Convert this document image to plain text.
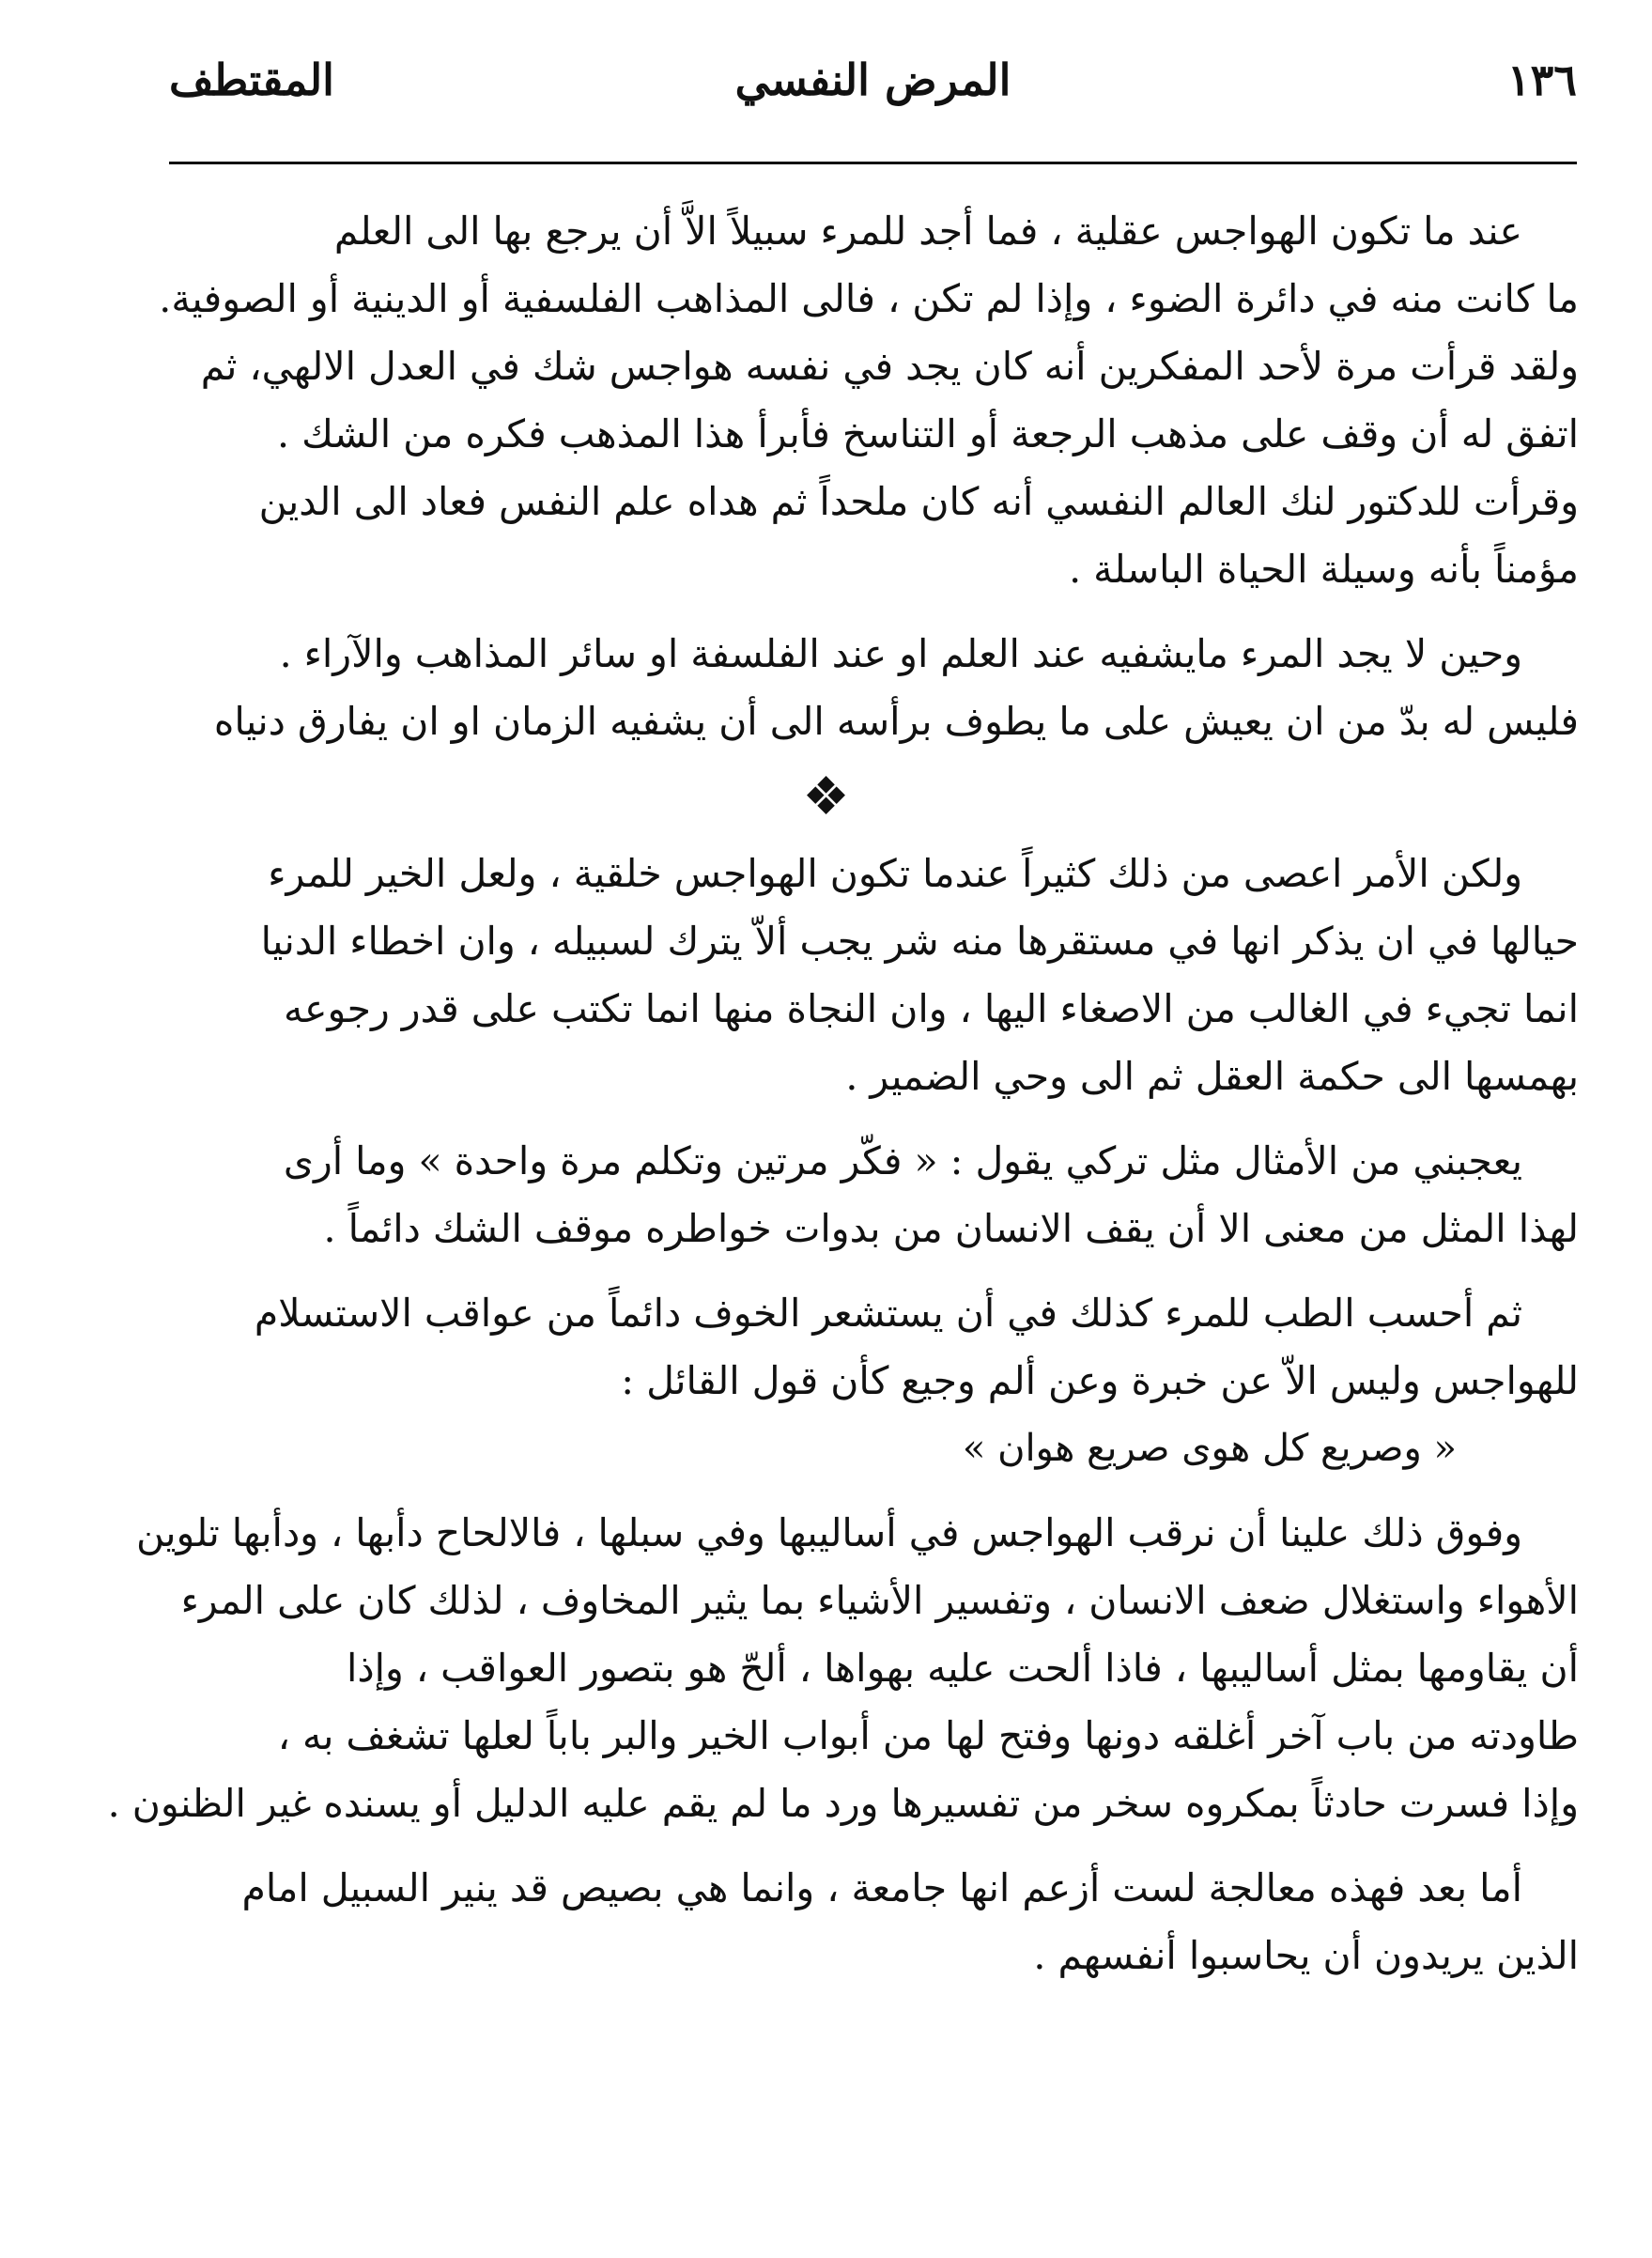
١٣٦
المرض النفسي
المقتطف
عند ما تكون الهواجس عقلية ، فما أجد للمرء سبيلاً الاَّ أن يرجع بها الى العلم
ما كانت منه في دائرة الضوء ، وإذا لم تكن ، فالى المذاهب الفلسفية أو الدينية أو الصوفية.
ولقد قرأت مرة لأحد المفكرين أنه كان يجد في نفسه هواجس شك في العدل الالهي، ثم
اتفق له أن وقف على مذهب الرجعة أو التناسخ فأبرأ هذا المذهب فكره من الشك .
وقرأت للدكتور لنك العالم النفسي أنه كان ملحداً ثم هداه علم النفس فعاد الى الدين
مؤمناً بأنه وسيلة الحياة الباسلة .
وحين لا يجد المرء مايشفيه عند العلم او عند الفلسفة او سائر المذاهب والآراء .
فليس له بدّ من ان يعيش على ما يطوف برأسه الى أن يشفيه الزمان او ان يفارق دنياه
❖
ولكن الأمر اعصى من ذلك كثيراً عندما تكون الهواجس خلقية ، ولعل الخير للمرء
حيالها في ان يذكر انها في مستقرها منه شر يجب ألاّ يترك لسبيله ، وان اخطاء الدنيا
انما تجيء في الغالب من الاصغاء اليها ، وان النجاة منها انما تكتب على قدر رجوعه
بهمسها الى حكمة العقل ثم الى وحي الضمير .
يعجبني من الأمثال مثل تركي يقول : « فكّر مرتين وتكلم مرة واحدة » وما أرى
لهذا المثل من معنى الا أن يقف الانسان من بدوات خواطره موقف الشك دائماً .
ثم أحسب الطب للمرء كذلك في أن يستشعر الخوف دائماً من عواقب الاستسلام
للهواجس وليس الاّ عن خبرة وعن ألم وجيع كأن قول القائل :
« وصريع كل هوى صريع هوان »
وفوق ذلك علينا أن نرقب الهواجس في أساليبها وفي سبلها ، فالالحاح دأبها ، ودأبها تلوين
الأهواء واستغلال ضعف الانسان ، وتفسير الأشياء بما يثير المخاوف ، لذلك كان على المرء
أن يقاومها بمثل أساليبها ، فاذا ألحت عليه بهواها ، ألحّ هو بتصور العواقب ، وإذا
طاودته من باب آخر أغلقه دونها وفتح لها من أبواب الخير والبر باباً لعلها تشغف به ،
وإذا فسرت حادثاً بمكروه سخر من تفسيرها ورد ما لم يقم عليه الدليل أو يسنده غير الظنون .
أما بعد فهذه معالجة لست أزعم انها جامعة ، وانما هي بصيص قد ينير السبيل امام
الذين يريدون أن يحاسبوا أنفسهم .
